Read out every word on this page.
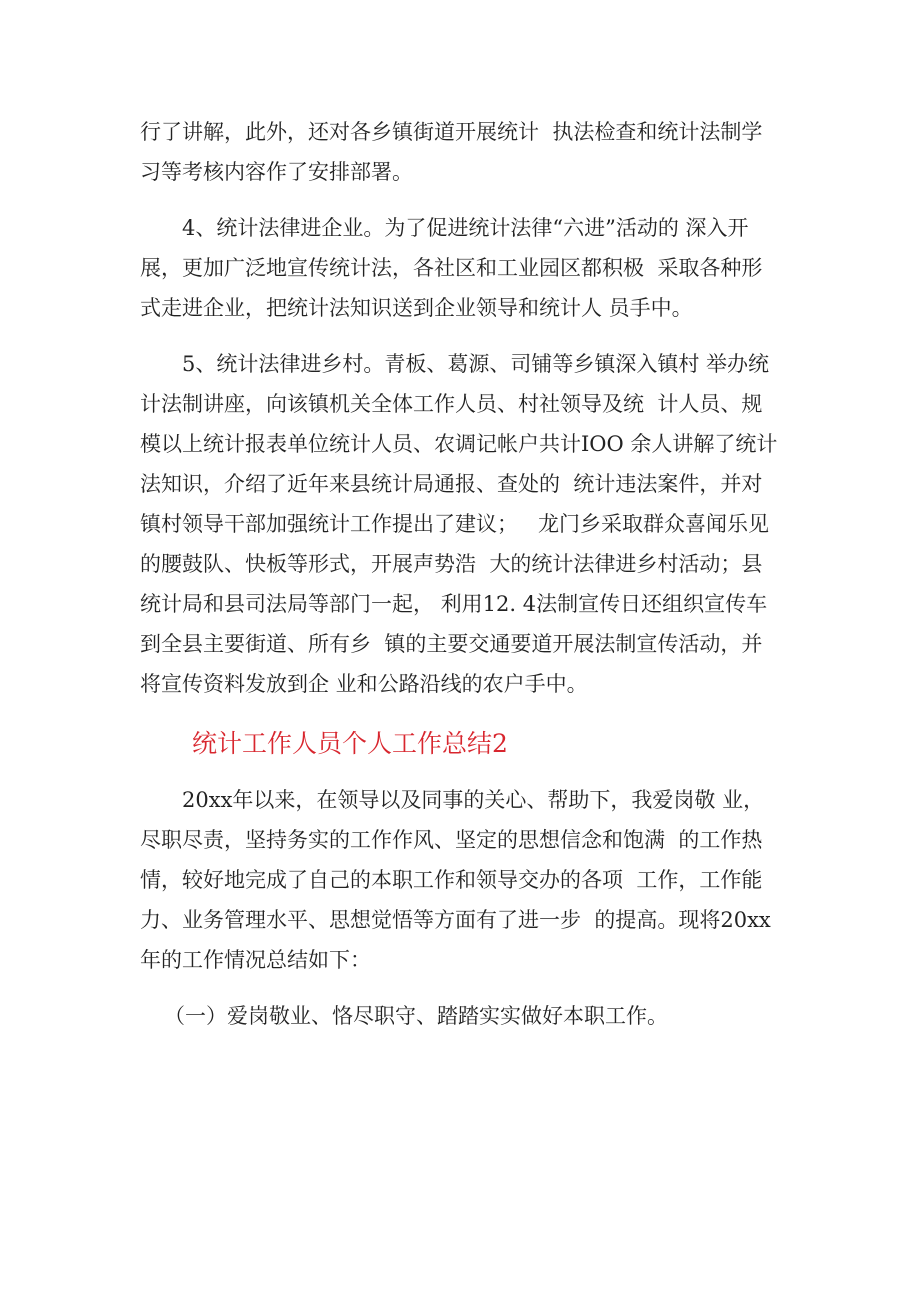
行了讲解，此外，还对各乡镇街道开展统计  执法检查和统计法制学
习等考核内容作了安排部署。
4、统计法律进企业。为了促进统计法律“六进”活动的 深入开
展，更加广泛地宣传统计法，各社区和工业园区都积极  采取各种形
式走进企业，把统计法知识送到企业领导和统计人 员手中。
5、统计法律进乡村。青板、葛源、司铺等乡镇深入镇村 举办统
计法制讲座，向该镇机关全体工作人员、村社领导及统  计人员、规
模以上统计报表单位统计人员、农调记帐户共计IOO 余人讲解了统计
法知识，介绍了近年来县统计局通报、查处的  统计违法案件，并对
镇村领导干部加强统计工作提出了建议；   龙门乡采取群众喜闻乐见
的腰鼓队、快板等形式，开展声势浩  大的统计法律进乡村活动；县
统计局和县司法局等部门一起， 利用12. 4法制宣传日还组织宣传车
到全县主要街道、所有乡  镇的主要交通要道开展法制宣传活动，并
将宣传资料发放到企 业和公路沿线的农户手中。
统计工作人员个人工作总结2
20xx年以来，在领导以及同事的关心、帮助下，我爱岗敬 业，
尽职尽责，坚持务实的工作作风、坚定的思想信念和饱满  的工作热
情，较好地完成了自己的本职工作和领导交办的各项  工作，工作能
力、业务管理水平、思想觉悟等方面有了进一步  的提高。现将20xx
年的工作情况总结如下：
（一）爱岗敬业、恪尽职守、踏踏实实做好本职工作。
